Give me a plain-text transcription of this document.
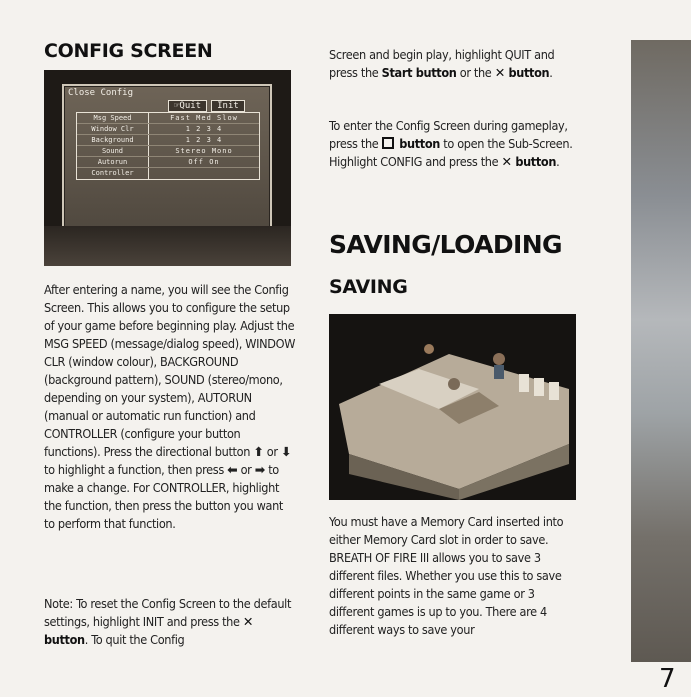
CONFIG SCREEN
Close Config
☞Quit	Init
Msg Speed	Fast Med Slow
Window Clr	1 2 3 4
Background	1 2 3 4
Sound	Stereo Mono
Autorun	Off On
Controller

After entering a name, you will see the Config Screen. This allows you to configure the setup of your game before beginning play. Adjust the MSG SPEED (message/dialog speed), WINDOW CLR (window colour), BACKGROUND (background pattern), SOUND (stereo/mono, depending on your system), AUTORUN (manual or automatic run function) and CONTROLLER (configure your button functions). Press the directional button ⬆ or ⬇ to highlight a function, then press ⬅ or ➡ to make a change. For CONTROLLER, highlight the function, then press the button you want to perform that function.

Note: To reset the Config Screen to the default settings, highlight INIT and press the ✕ button. To quit the Config

Screen and begin play, highlight QUIT and press the Start button or the ✕ button.

To enter the Config Screen during gameplay, press the button to open the Sub-Screen. Highlight CONFIG and press the ✕ button.

SAVING/LOADING
SAVING

You must have a Memory Card inserted into either Memory Card slot in order to save. BREATH OF FIRE III allows you to save 3 different files. Whether you use this to save different points in the same game or 3 different games is up to you. There are 4 different ways to save your

7
